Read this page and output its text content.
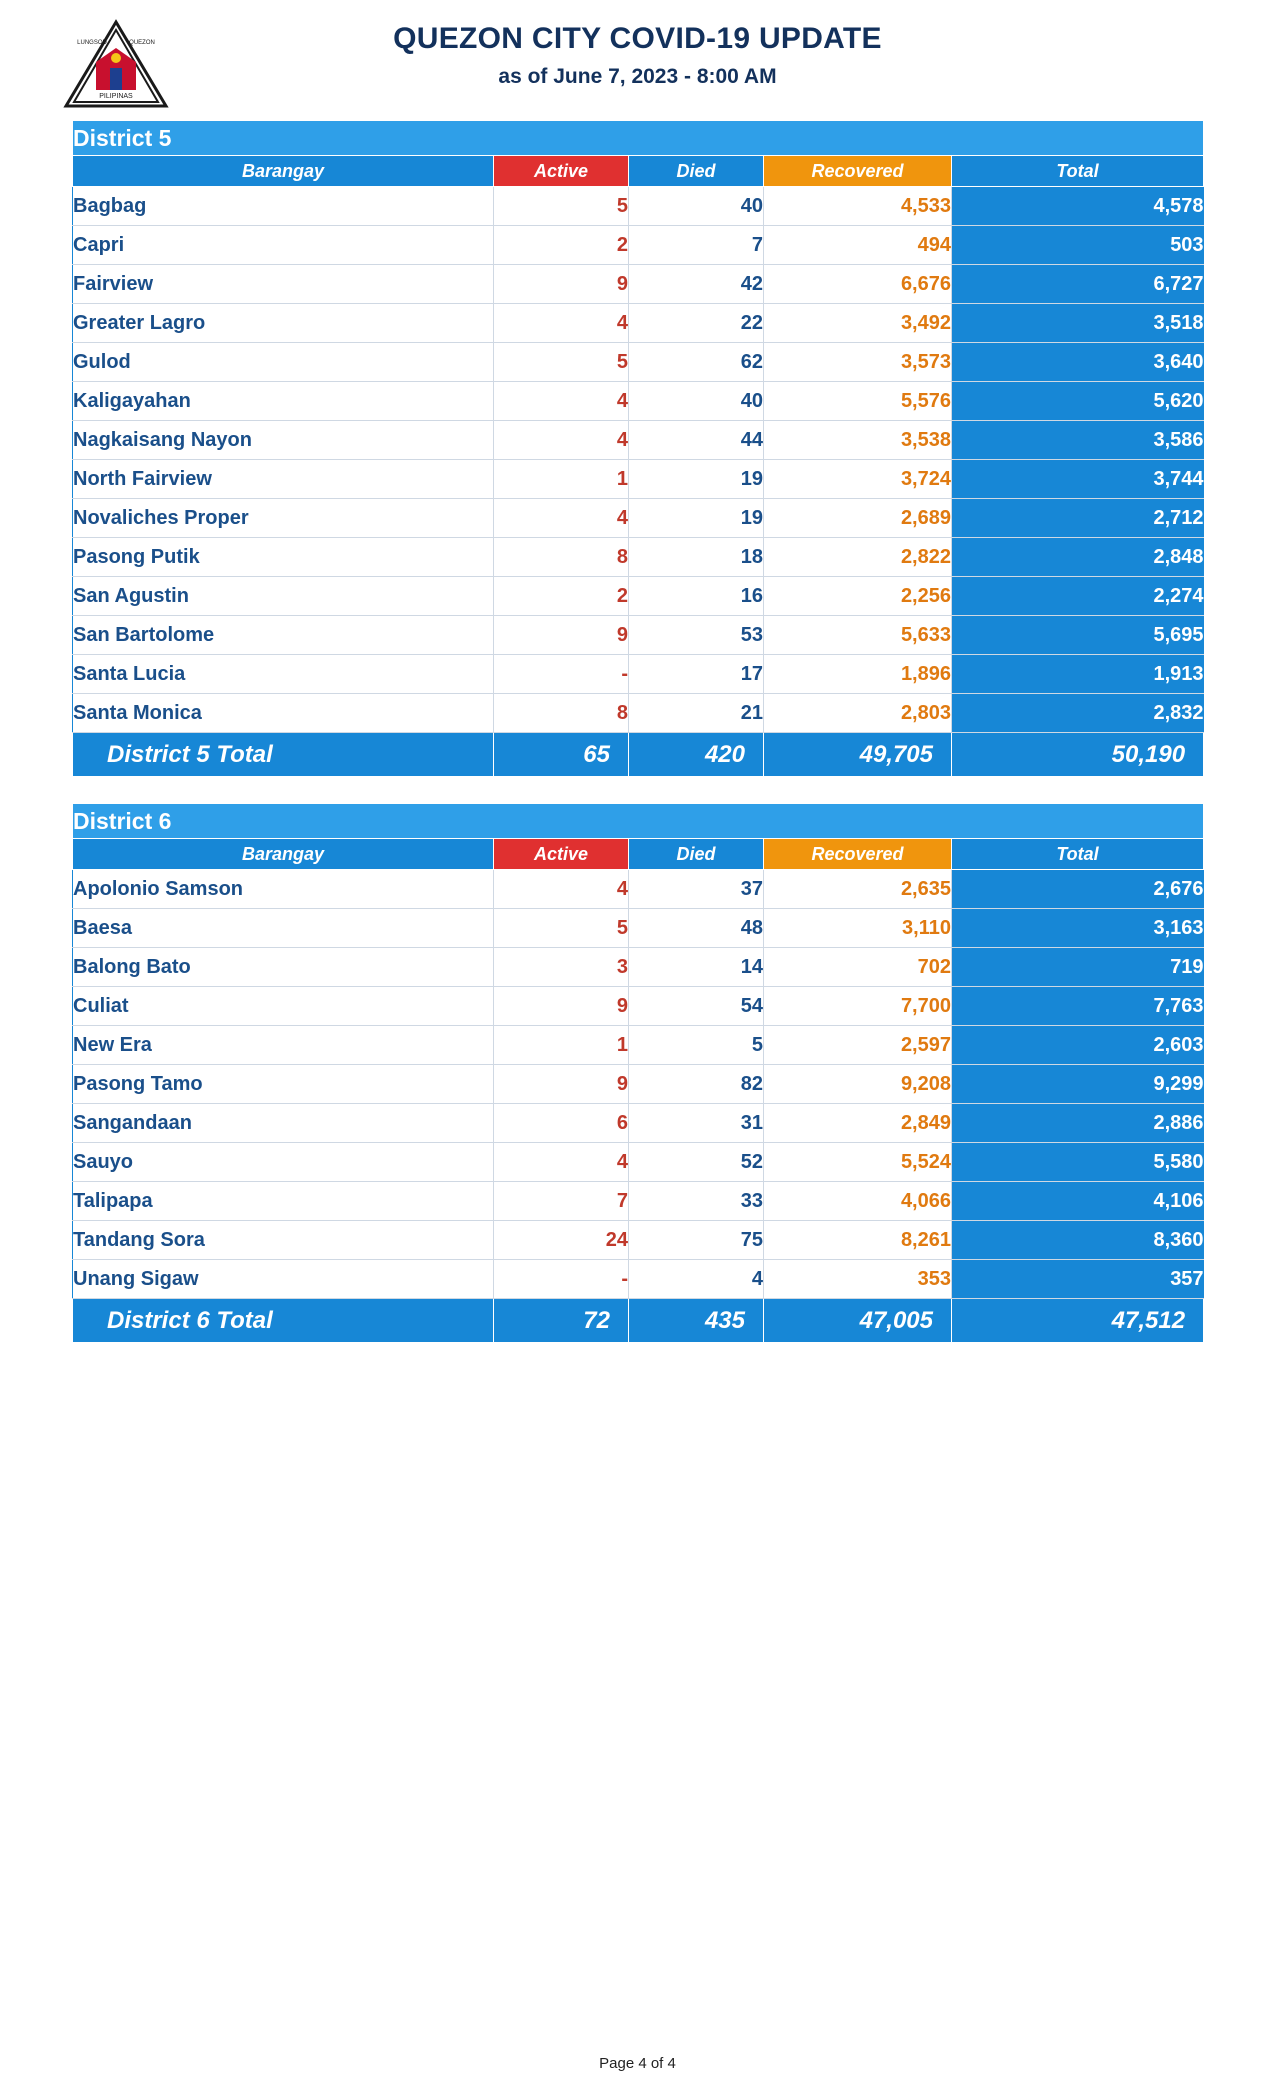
PILIPINAS
LUNGSOD	QUEZON	QUEZON CITY COVID-19 UPDATE
as of June 7, 2023 - 8:00 AM
District 5				
Barangay	Active	Died	Recovered	Total
Bagbag	5	40	4,533	4,578
Capri	2	7	494	503
Fairview	9	42	6,676	6,727
Greater Lagro	4	22	3,492	3,518
Gulod	5	62	3,573	3,640
Kaligayahan	4	40	5,576	5,620
Nagkaisang Nayon	4	44	3,538	3,586
North Fairview	1	19	3,724	3,744
Novaliches Proper	4	19	2,689	2,712
Pasong Putik	8	18	2,822	2,848
San Agustin	2	16	2,256	2,274
San Bartolome	9	53	5,633	5,695
Santa Lucia	-	17	1,896	1,913
Santa Monica	8	21	2,803	2,832
District 5 Total	65	420	49,705	50,190
District 6				
Barangay	Active	Died	Recovered	Total
Apolonio Samson	4	37	2,635	2,676
Baesa	5	48	3,110	3,163
Balong Bato	3	14	702	719
Culiat	9	54	7,700	7,763
New Era	1	5	2,597	2,603
Pasong Tamo	9	82	9,208	9,299
Sangandaan	6	31	2,849	2,886
Sauyo	4	52	5,524	5,580
Talipapa	7	33	4,066	4,106
Tandang Sora	24	75	8,261	8,360
Unang Sigaw	-	4	353	357
District 6 Total	72	435	47,005	47,512
Page 4 of 4
